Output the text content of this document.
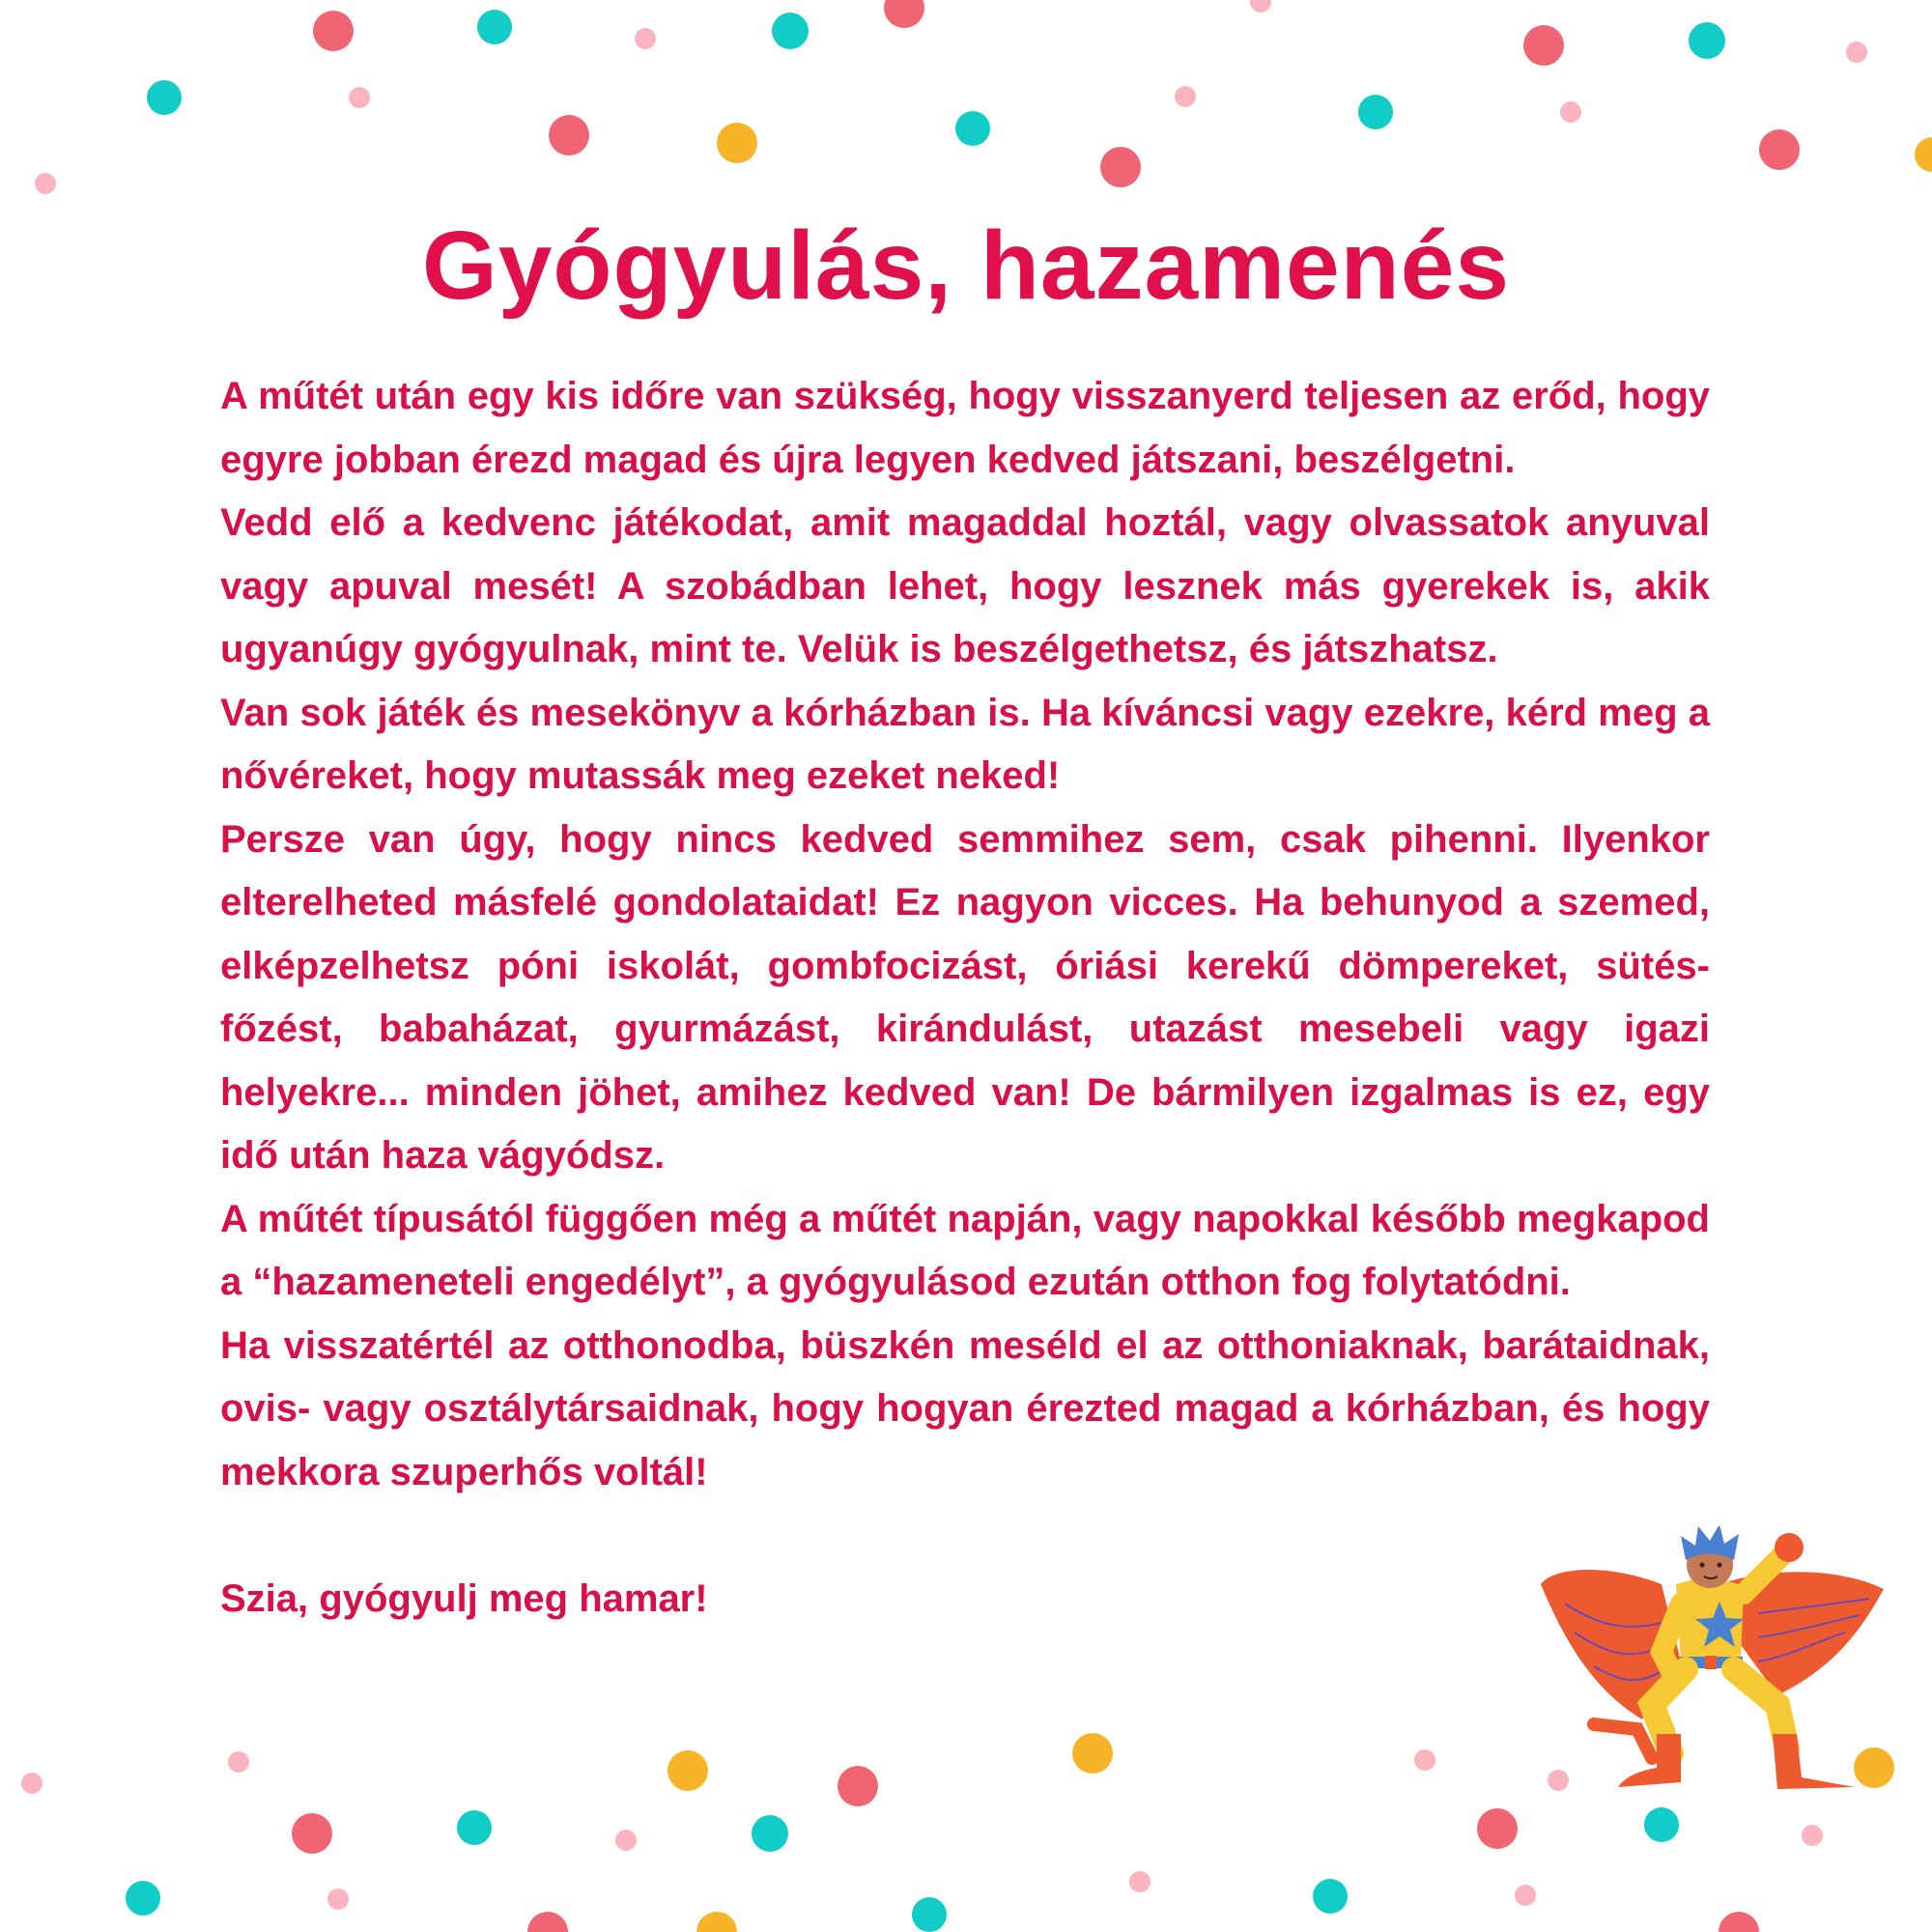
Gyógyulás, hazamenés

A műtét után egy kis időre van szükség, hogy visszanyerd teljesen az erőd, hogy egyre jobban érezd magad és újra legyen kedved játszani, beszélgetni.

Vedd elő a kedvenc játékodat, amit magaddal hoztál, vagy olvassatok anyuval vagy apuval mesét! A szobádban lehet, hogy lesznek más gyerekek is, akik ugyanúgy gyógyulnak, mint te. Velük is beszélgethetsz, és játszhatsz.

Van sok játék és mesekönyv a kórházban is. Ha kíváncsi vagy ezekre, kérd meg a nővéreket, hogy mutassák meg ezeket neked!

Persze van úgy, hogy nincs kedved semmihez sem, csak pihenni. Ilyenkor elterelheted másfelé gondolataidat! Ez nagyon vicces. Ha behunyod a szemed, elképzelhetsz póni iskolát, gombfocizást, óriási kerekű dömpereket, sütés-főzést, babaházat, gyurmázást, kirándulást, utazást mesebeli vagy igazi helyekre... minden jöhet, amihez kedved van! De bármilyen izgalmas is ez, egy idő után haza vágyódsz.

A műtét típusától függően még a műtét napján, vagy napokkal később megkapod a “hazameneteli engedélyt”, a gyógyulásod ezután otthon fog folytatódni.

Ha visszatértél az otthonodba, büszkén meséld el az otthoniaknak, barátaidnak, ovis- vagy osztálytársaidnak, hogy hogyan érezted magad a kórházban, és hogy mekkora szuperhős voltál!

Szia, gyógyulj meg hamar!
